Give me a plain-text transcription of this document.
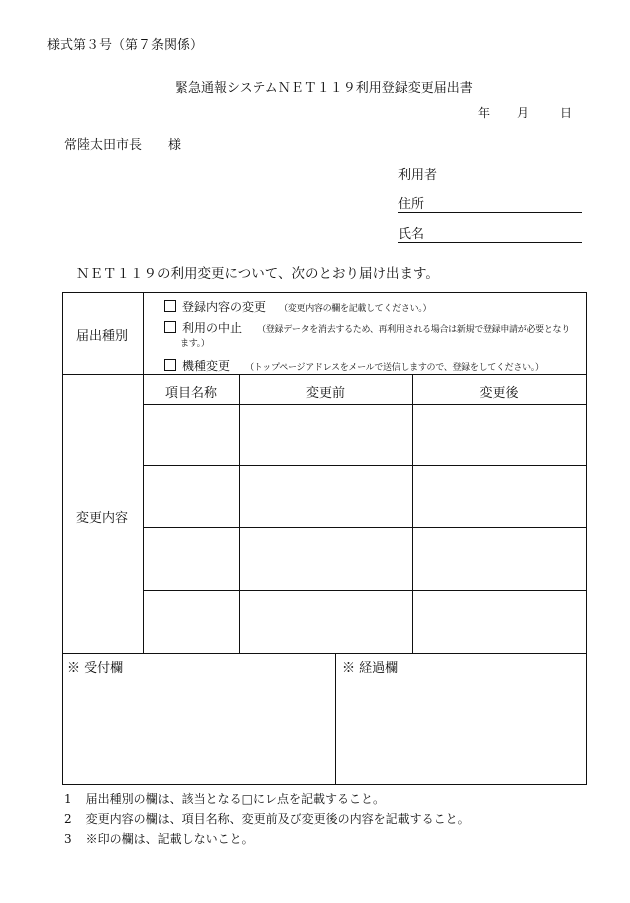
様式第３号（第７条関係）
緊急通報システムＮＥＴ１１９利用登録変更届出書
年 月	日
常陸太田市長　　様
利用者
住所
氏名
ＮＥＴ１１９の利用変更について、次のとおり届け出ます。
届出種別
登録内容の変更 （変更内容の欄を記載してください。）
利用の中止 （登録データを消去するため、再利用される場合は新規で登録申請が必要となり
ます。）
機種変更 （トップページアドレスをメールで送信しますので、登録をしてください。）
変更内容
項目名称	変更前	変更後
※ 受付欄	※ 経過欄
1 届出種別の欄は、該当となる□にレ点を記載すること。
2 変更内容の欄は、項目名称、変更前及び変更後の内容を記載すること。
3 ※印の欄は、記載しないこと。
